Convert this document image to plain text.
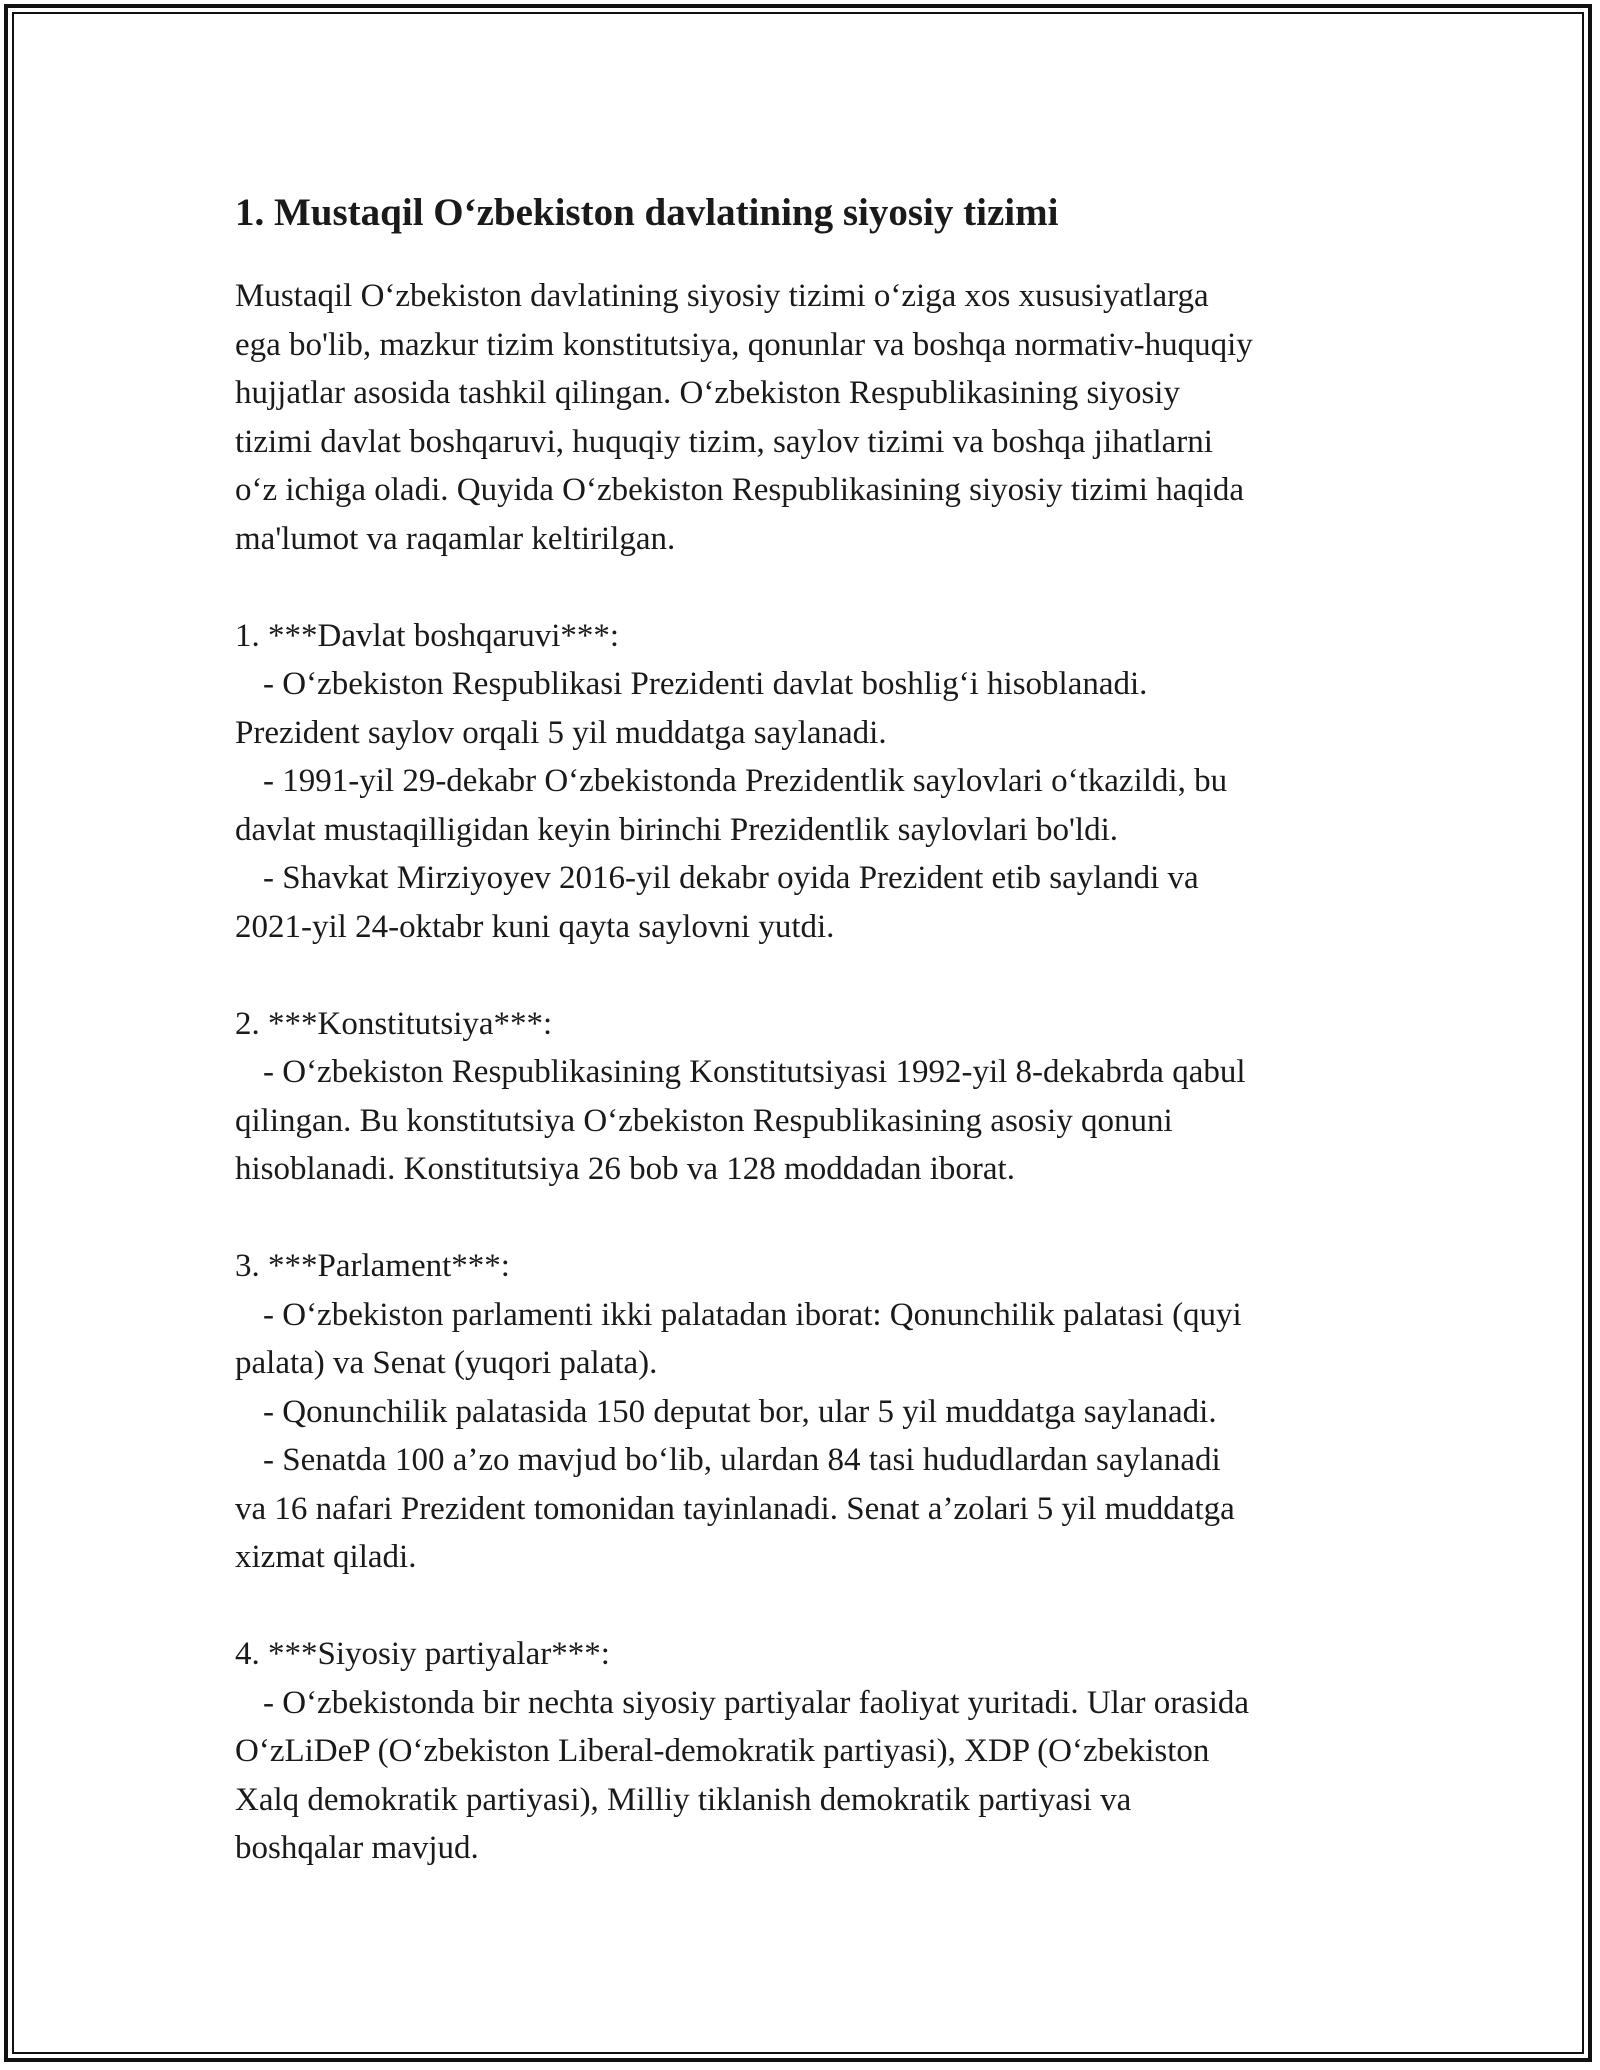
1. Mustaqil O‘zbekiston davlatining siyosiy tizimi

Mustaqil O‘zbekiston davlatining siyosiy tizimi o‘ziga xos xususiyatlarga
ega bo'lib, mazkur tizim konstitutsiya, qonunlar va boshqa normativ-huquqiy
hujjatlar asosida tashkil qilingan. O‘zbekiston Respublikasining siyosiy
tizimi davlat boshqaruvi, huquqiy tizim, saylov tizimi va boshqa jihatlarni
o‘z ichiga oladi. Quyida O‘zbekiston Respublikasining siyosiy tizimi haqida
ma'lumot va raqamlar keltirilgan.

1. ***Davlat boshqaruvi***:

- O‘zbekiston Respublikasi Prezidenti davlat boshlig‘i hisoblanadi.
Prezident saylov orqali 5 yil muddatga saylanadi.

- 1991-yil 29-dekabr O‘zbekistonda Prezidentlik saylovlari o‘tkazildi, bu
davlat mustaqilligidan keyin birinchi Prezidentlik saylovlari bo'ldi.

- Shavkat Mirziyoyev 2016-yil dekabr oyida Prezident etib saylandi va
2021-yil 24-oktabr kuni qayta saylovni yutdi.

2. ***Konstitutsiya***:

- O‘zbekiston Respublikasining Konstitutsiyasi 1992-yil 8-dekabrda qabul
qilingan. Bu konstitutsiya O‘zbekiston Respublikasining asosiy qonuni
hisoblanadi. Konstitutsiya 26 bob va 128 moddadan iborat.

3. ***Parlament***:

- O‘zbekiston parlamenti ikki palatadan iborat: Qonunchilik palatasi (quyi
palata) va Senat (yuqori palata).

- Qonunchilik palatasida 150 deputat bor, ular 5 yil muddatga saylanadi.

- Senatda 100 a’zo mavjud bo‘lib, ulardan 84 tasi hududlardan saylanadi
va 16 nafari Prezident tomonidan tayinlanadi. Senat a’zolari 5 yil muddatga
xizmat qiladi.

4. ***Siyosiy partiyalar***:

- O‘zbekistonda bir nechta siyosiy partiyalar faoliyat yuritadi. Ular orasida
O‘zLiDeP (O‘zbekiston Liberal-demokratik partiyasi), XDP (O‘zbekiston
Xalq demokratik partiyasi), Milliy tiklanish demokratik partiyasi va
boshqalar mavjud.
